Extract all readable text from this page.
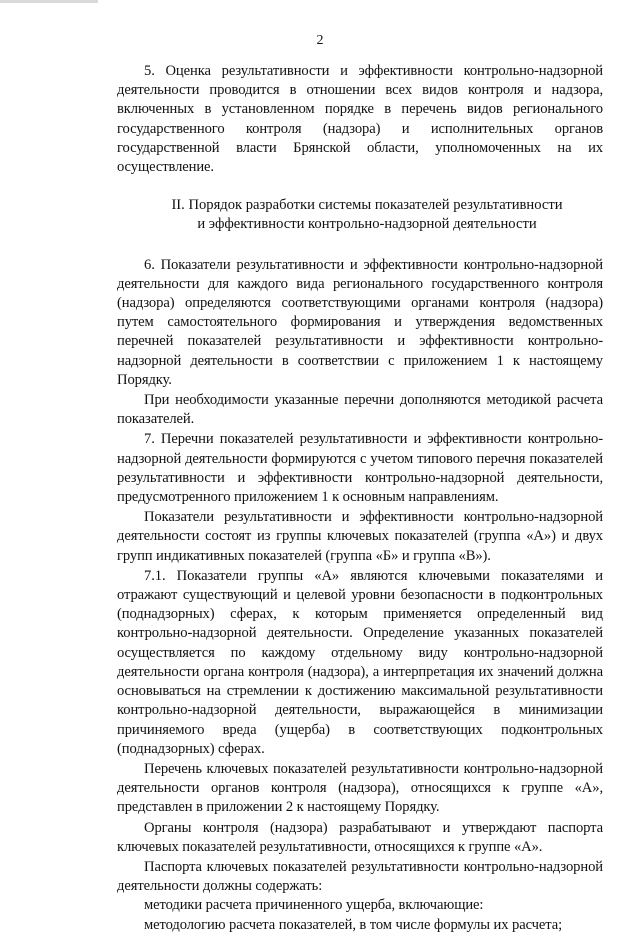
2

5. Оценка результативности и эффективности контрольно-надзорной деятельности проводится в отношении всех видов контроля и надзора, включенных в установленном порядке в перечень видов регионального государственного контроля (надзора) и исполнительных органов государственной власти Брянской области, уполномоченных на их осуществление.

II. Порядок разработки системы показателей результативности
и эффективности контрольно-надзорной деятельности

6. Показатели результативности и эффективности контрольно-надзорной деятельности для каждого вида регионального государственного контроля (надзора) определяются соответствующими органами контроля (надзора) путем самостоятельного формирования и утверждения ведомственных перечней показателей результативности и эффективности контрольно-надзорной деятельности в соответствии с приложением 1 к настоящему Порядку.

При необходимости указанные перечни дополняются методикой расчета показателей.

7. Перечни показателей результативности и эффективности контрольно-надзорной деятельности формируются с учетом типового перечня показателей результативности и эффективности контрольно-надзорной деятельности, предусмотренного приложением 1 к основным направлениям.

Показатели результативности и эффективности контрольно-надзорной деятельности состоят из группы ключевых показателей (группа «А») и двух групп индикативных показателей (группа «Б» и группа «В»).

7.1. Показатели группы «А» являются ключевыми показателями и отражают существующий и целевой уровни безопасности в подконтрольных (поднадзорных) сферах, к которым применяется определенный вид контрольно-надзорной деятельности. Определение указанных показателей осуществляется по каждому отдельному виду контрольно-надзорной деятельности органа контроля (надзора), а интерпретация их значений должна основываться на стремлении к достижению максимальной результативности контрольно-надзорной деятельности, выражающейся в минимизации причиняемого вреда (ущерба) в соответствующих подконтрольных (поднадзорных) сферах.

Перечень ключевых показателей результативности контрольно-надзорной деятельности органов контроля (надзора), относящихся к группе «А», представлен в приложении 2 к настоящему Порядку.

Органы контроля (надзора) разрабатывают и утверждают паспорта ключевых показателей результативности, относящихся к группе «А».

Паспорта ключевых показателей результативности контрольно-надзорной деятельности должны содержать:

методики расчета причиненного ущерба, включающие:

методологию расчета показателей, в том числе формулы их расчета;
